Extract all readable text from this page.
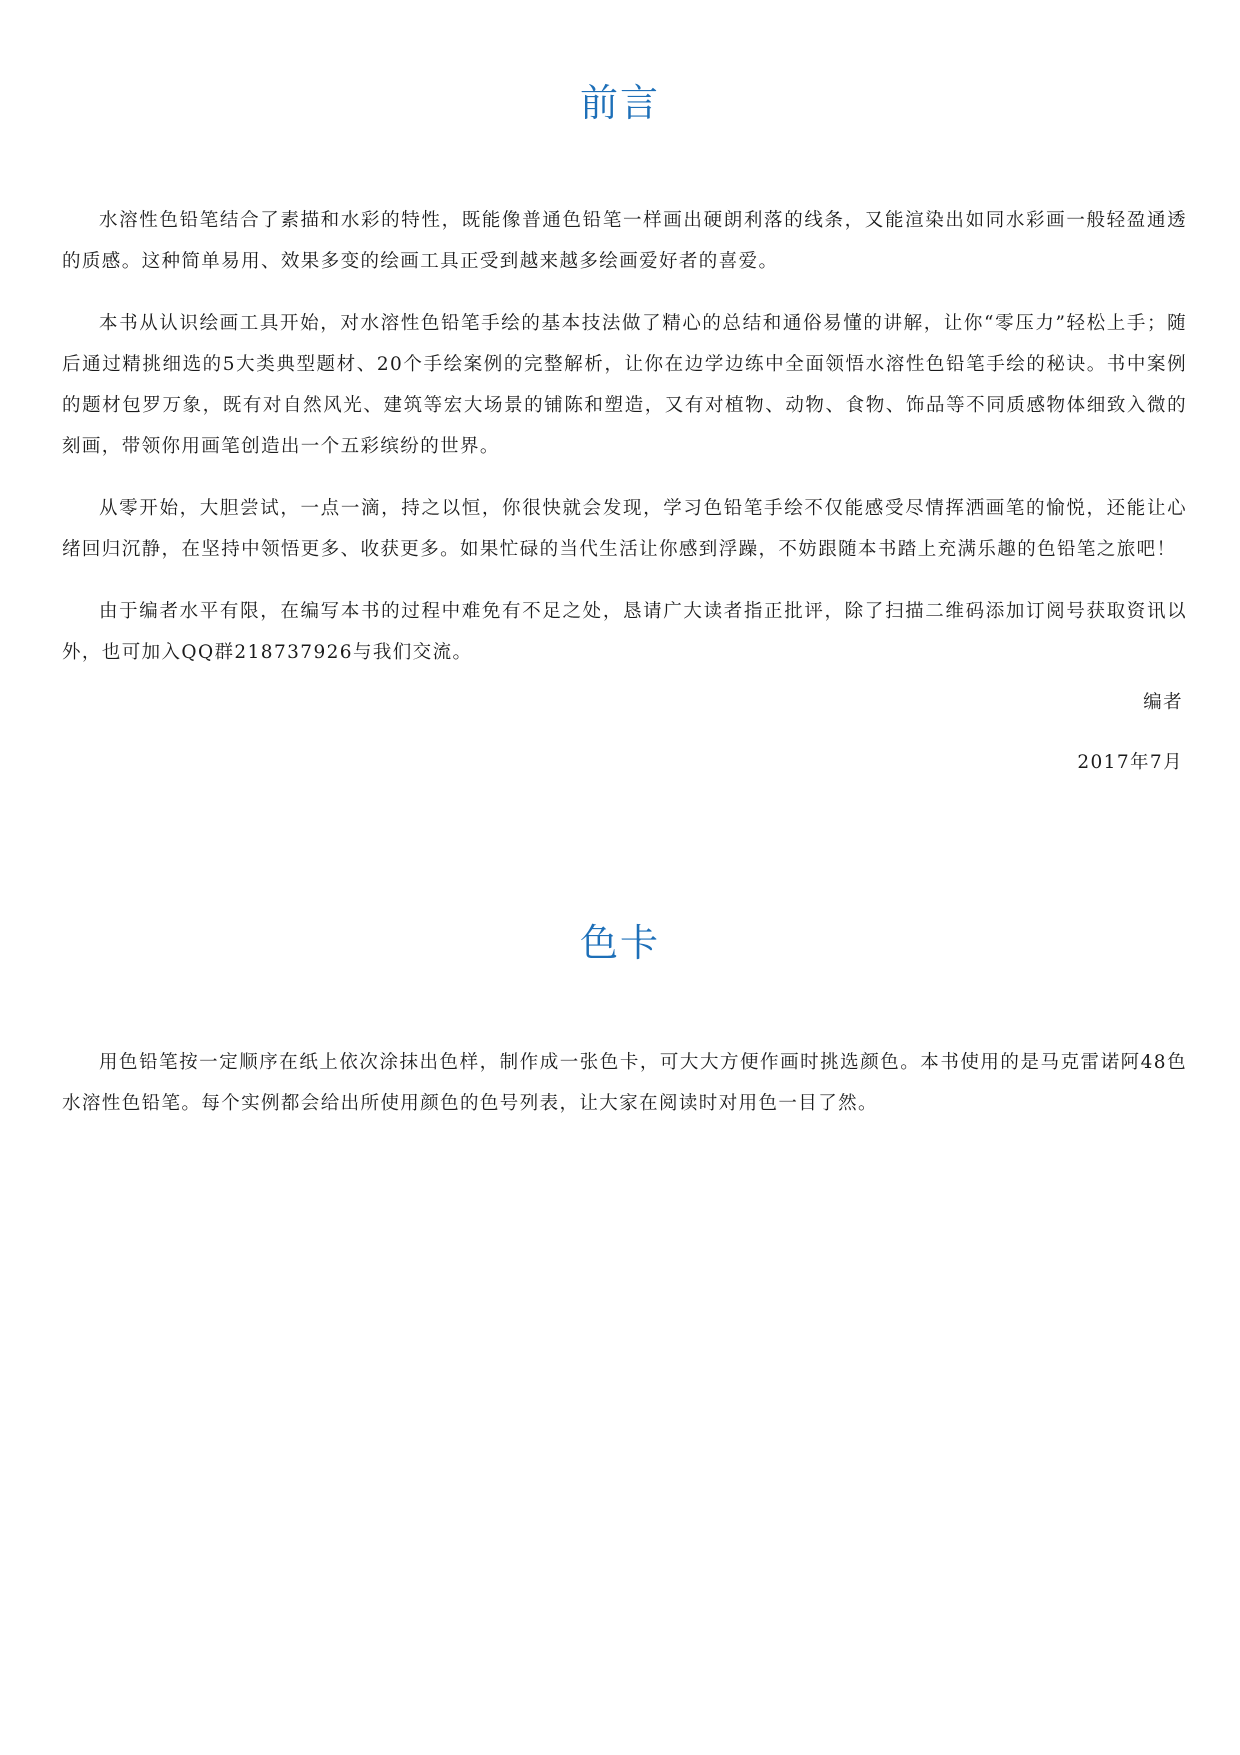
前言

水溶性色铅笔结合了素描和水彩的特性，既能像普通色铅笔一样画出硬朗利落的线条，又能渲染出如同水彩画一般轻盈通透的质感。这种简单易用、效果多变的绘画工具正受到越来越多绘画爱好者的喜爱。

本书从认识绘画工具开始，对水溶性色铅笔手绘的基本技法做了精心的总结和通俗易懂的讲解，让你“零压力”轻松上手；随后通过精挑细选的5大类典型题材、20个手绘案例的完整解析，让你在边学边练中全面领悟水溶性色铅笔手绘的秘诀。书中案例的题材包罗万象，既有对自然风光、建筑等宏大场景的铺陈和塑造，又有对植物、动物、食物、饰品等不同质感物体细致入微的刻画，带领你用画笔创造出一个五彩缤纷的世界。

从零开始，大胆尝试，一点一滴，持之以恒，你很快就会发现，学习色铅笔手绘不仅能感受尽情挥洒画笔的愉悦，还能让心绪回归沉静，在坚持中领悟更多、收获更多。如果忙碌的当代生活让你感到浮躁，不妨跟随本书踏上充满乐趣的色铅笔之旅吧！

由于编者水平有限，在编写本书的过程中难免有不足之处，恳请广大读者指正批评，除了扫描二维码添加订阅号获取资讯以外，也可加入QQ群218737926与我们交流。

编者
2017年7月
色卡

用色铅笔按一定顺序在纸上依次涂抹出色样，制作成一张色卡，可大大方便作画时挑选颜色。本书使用的是马克雷诺阿48色水溶性色铅笔。每个实例都会给出所使用颜色的色号列表，让大家在阅读时对用色一目了然。
